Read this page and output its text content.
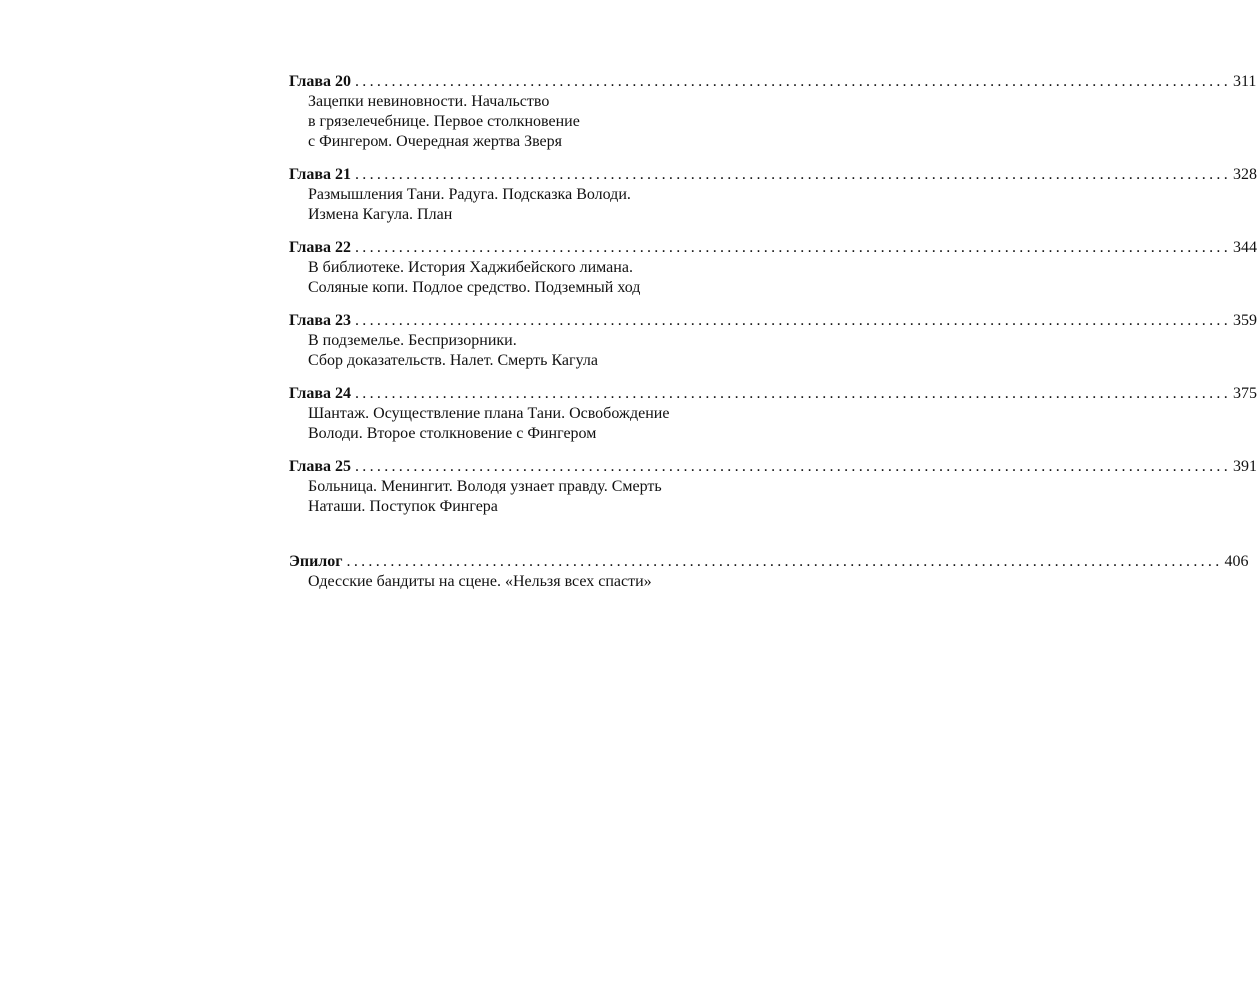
Глава 20 ........................................................................................................................ 311
Зацепки невиновности. Начальство
в грязелечебнице. Первое столкновение
с Фингером. Очередная жертва Зверя
Глава 21 ........................................................................................................................ 328
Размышления Тани. Радуга. Подсказка Володи.
Измена Кагула. План
Глава 22 ........................................................................................................................ 344
В библиотеке. История Хаджибейского лимана.
Соляные копи. Подлое средство. Подземный ход
Глава 23 ........................................................................................................................ 359
В подземелье. Беспризорники.
Сбор доказательств. Налет. Смерть Кагула
Глава 24 ........................................................................................................................ 375
Шантаж. Осуществление плана Тани. Освобождение
Володи. Второе столкновение с Фингером
Глава 25 ........................................................................................................................ 391
Больница. Менингит. Володя узнает правду. Смерть
Наташи. Поступок Фингера
Эпилог ........................................................................................................................ 406
Одесские бандиты на сцене. «Нельзя всех спасти»
